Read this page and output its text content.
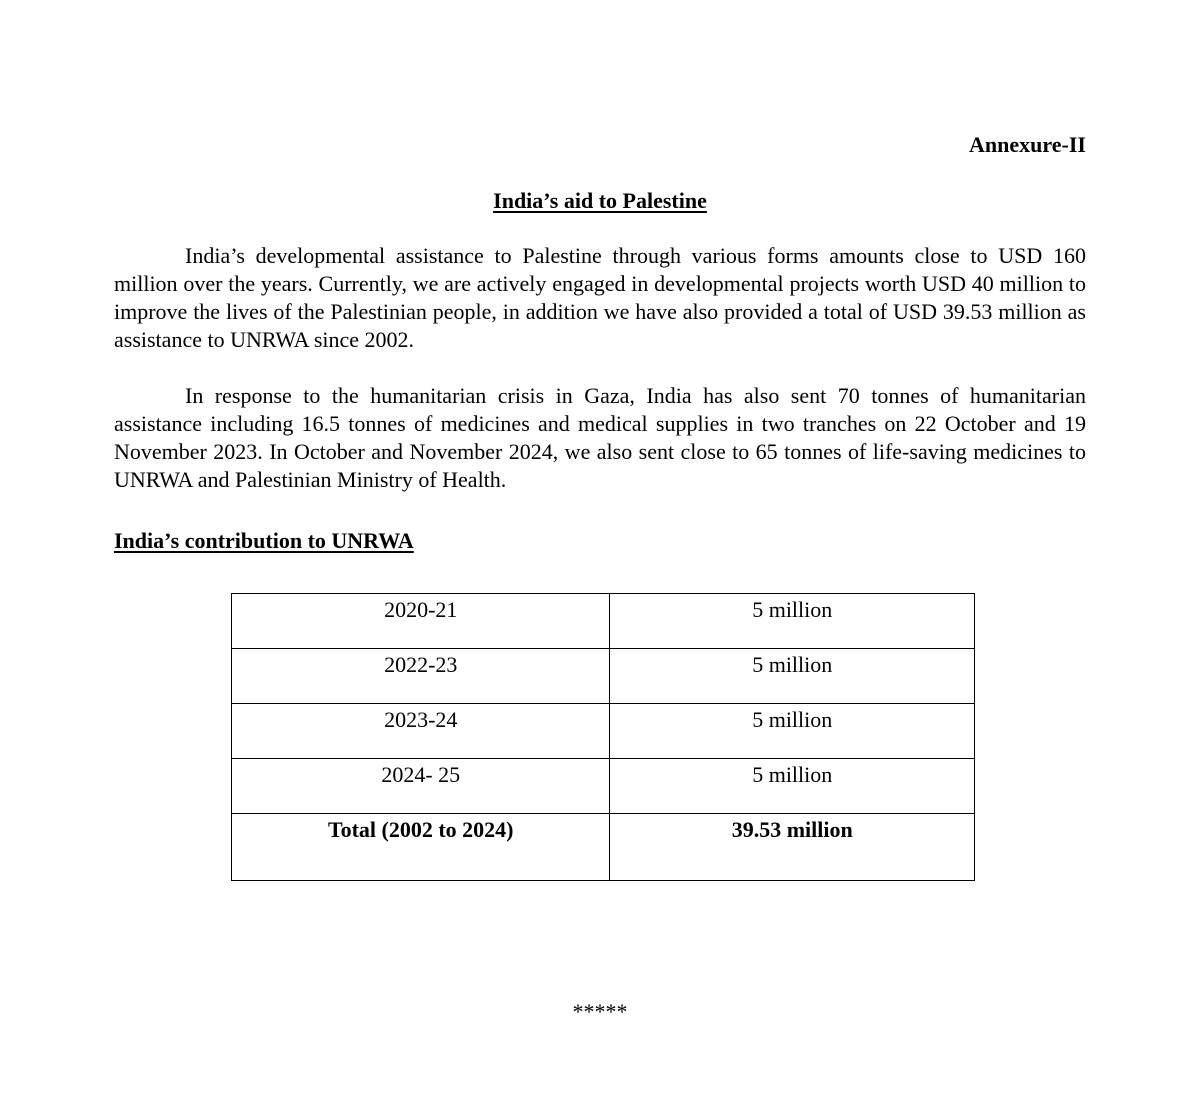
Annexure-II
India’s aid to Palestine

India’s developmental assistance to Palestine through various forms amounts close to USD 160 million over the years. Currently, we are actively engaged in developmental projects worth USD 40 million to improve the lives of the Palestinian people, in addition we have also provided a total of USD 39.53 million as assistance to UNRWA since 2002.

In response to the humanitarian crisis in Gaza, India has also sent 70 tonnes of humanitarian assistance including 16.5 tonnes of medicines and medical supplies in two tranches on 22 October and 19 November 2023. In October and November 2024, we also sent close to 65 tonnes of life-saving medicines to UNRWA and Palestinian Ministry of Health.

India’s contribution to UNRWA
2020-21	5 million
2022-23	5 million
2023-24	5 million
2024- 25	5 million
Total (2002 to 2024)	39.53 million
*****
